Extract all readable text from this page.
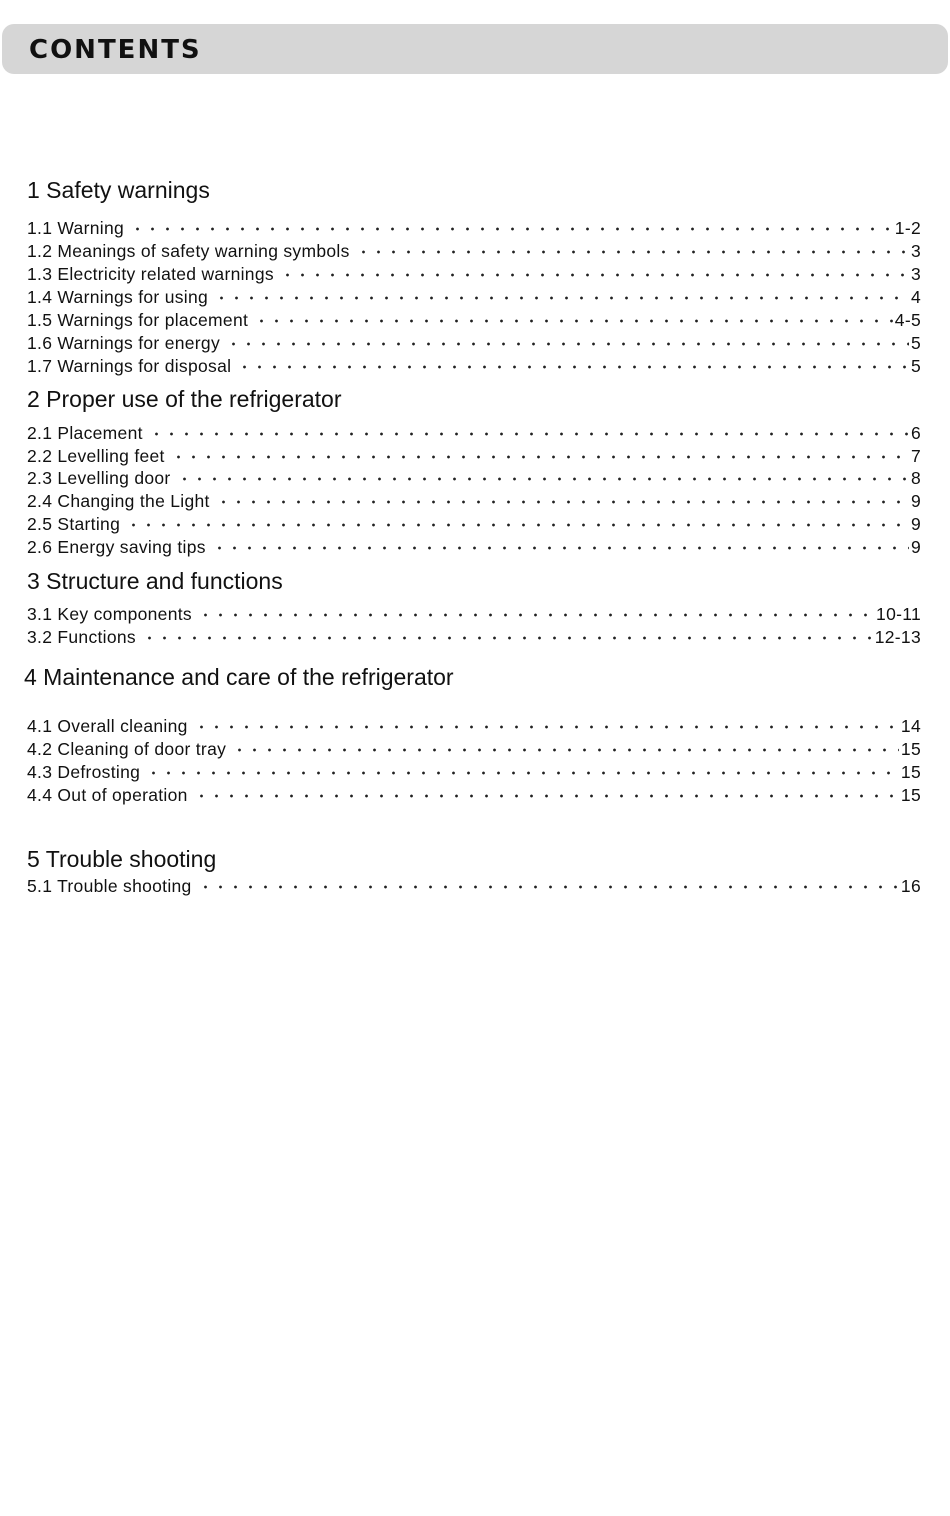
CONTENTS
1 Safety warnings
1.1 Warning	1-2
1.2 Meanings of safety warning symbols	3
1.3 Electricity related warnings	3
1.4 Warnings for using	4
1.5 Warnings for placement	4-5
1.6 Warnings for energy	5
1.7 Warnings for disposal	5
2 Proper use of the refrigerator
2.1 Placement	6
2.2 Levelling feet	7
2.3 Levelling door	8
2.4 Changing the Light	9
2.5 Starting	9
2.6 Energy saving tips	9
3 Structure and functions
3.1 Key components	10-11
3.2 Functions	12-13
4 Maintenance and care of the refrigerator
4.1 Overall cleaning	14
4.2 Cleaning of door tray	15
4.3 Defrosting	15
4.4 Out of operation	15
5 Trouble shooting
5.1 Trouble shooting	16
